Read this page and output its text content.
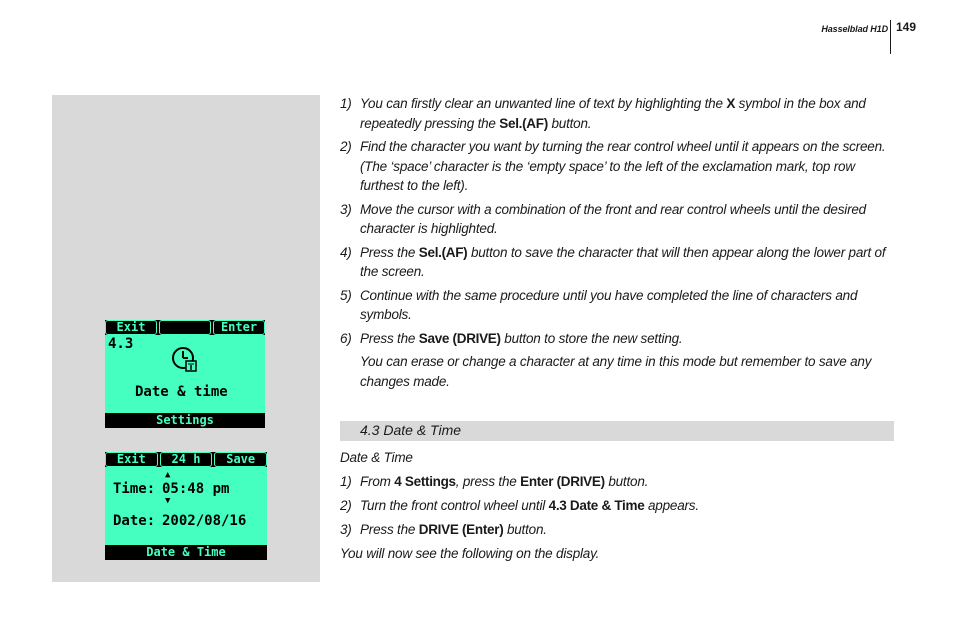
Hasselblad H1D 149
Exit	Enter
4.3
Date & time
Settings
Exit	24 h	Save
▲
Time: 05:48 pm
▼
Date: 2002/08/16
Date & Time
1) You can firstly clear an unwanted line of text by highlighting the X symbol in the box and repeatedly pressing the Sel.(AF) button.
2) Find the character you want by turning the rear control wheel until it appears on the screen. (The ‘space’ character is the ‘empty space’ to the left of the exclamation mark, top row furthest to the left).
3) Move the cursor with a combination of the front and rear control wheels until the desired character is highlighted.
4) Press the Sel.(AF) button to save the character that will then appear along the lower part of the screen.
5) Continue with the same procedure until you have completed the line of characters and symbols.
6) Press the Save (DRIVE) button to store the new setting.
You can erase or change a character at any time in this mode but remember to save any changes made.
4.3 Date & Time
Date & Time
1) From 4 Settings, press the Enter (DRIVE) button.
2) Turn the front control wheel until 4.3 Date & Time appears.
3) Press the DRIVE (Enter) button.
You will now see the following on the display.
